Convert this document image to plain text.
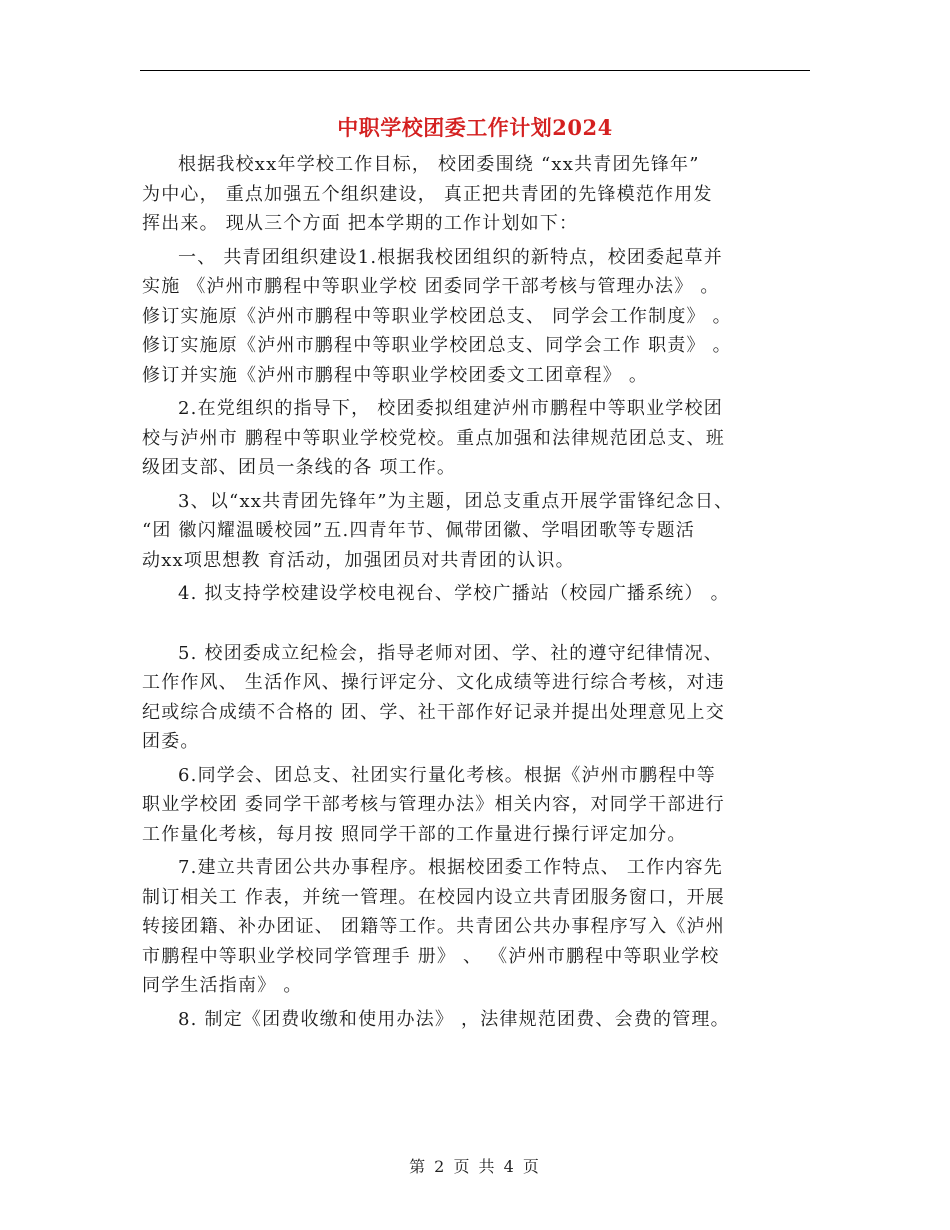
中职学校团委工作计划2024

根据我校xx年学校工作目标， 校团委围绕 “xx共青团先锋年”
为中心， 重点加强五个组织建设， 真正把共青团的先锋模范作用发
挥出来。 现从三个方面 把本学期的工作计划如下：

一、 共青团组织建设1.根据我校团组织的新特点，校团委起草并
实施 《泸州市鹏程中等职业学校 团委同学干部考核与管理办法》 。
修订实施原《泸州市鹏程中等职业学校团总支、 同学会工作制度》 。
修订实施原《泸州市鹏程中等职业学校团总支、同学会工作 职责》 。
修订并实施《泸州市鹏程中等职业学校团委文工团章程》 。

2.在党组织的指导下， 校团委拟组建泸州市鹏程中等职业学校团
校与泸州市 鹏程中等职业学校党校。重点加强和法律规范团总支、班
级团支部、团员一条线的各 项工作。

3、以“xx共青团先锋年”为主题，团总支重点开展学雷锋纪念日、
“团 徽闪耀温暖校园”五.四青年节、佩带团徽、学唱团歌等专题活
动xx项思想教 育活动，加强团员对共青团的认识。

4. 拟支持学校建设学校电视台、学校广播站（校园广播系统） 。

5. 校团委成立纪检会，指导老师对团、学、社的遵守纪律情况、
工作作风、 生活作风、操行评定分、文化成绩等进行综合考核，对违
纪或综合成绩不合格的 团、学、社干部作好记录并提出处理意见上交
团委。

6.同学会、团总支、社团实行量化考核。根据《泸州市鹏程中等
职业学校团 委同学干部考核与管理办法》相关内容，对同学干部进行
工作量化考核，每月按 照同学干部的工作量进行操行评定加分。

7.建立共青团公共办事程序。根据校团委工作特点、 工作内容先
制订相关工 作表，并统一管理。在校园内设立共青团服务窗口，开展
转接团籍、补办团证、 团籍等工作。共青团公共办事程序写入《泸州
市鹏程中等职业学校同学管理手 册》 、 《泸州市鹏程中等职业学校
同学生活指南》 。

8. 制定《团费收缴和使用办法》 ，法律规范团费、会费的管理。

第 2 页 共 4 页
